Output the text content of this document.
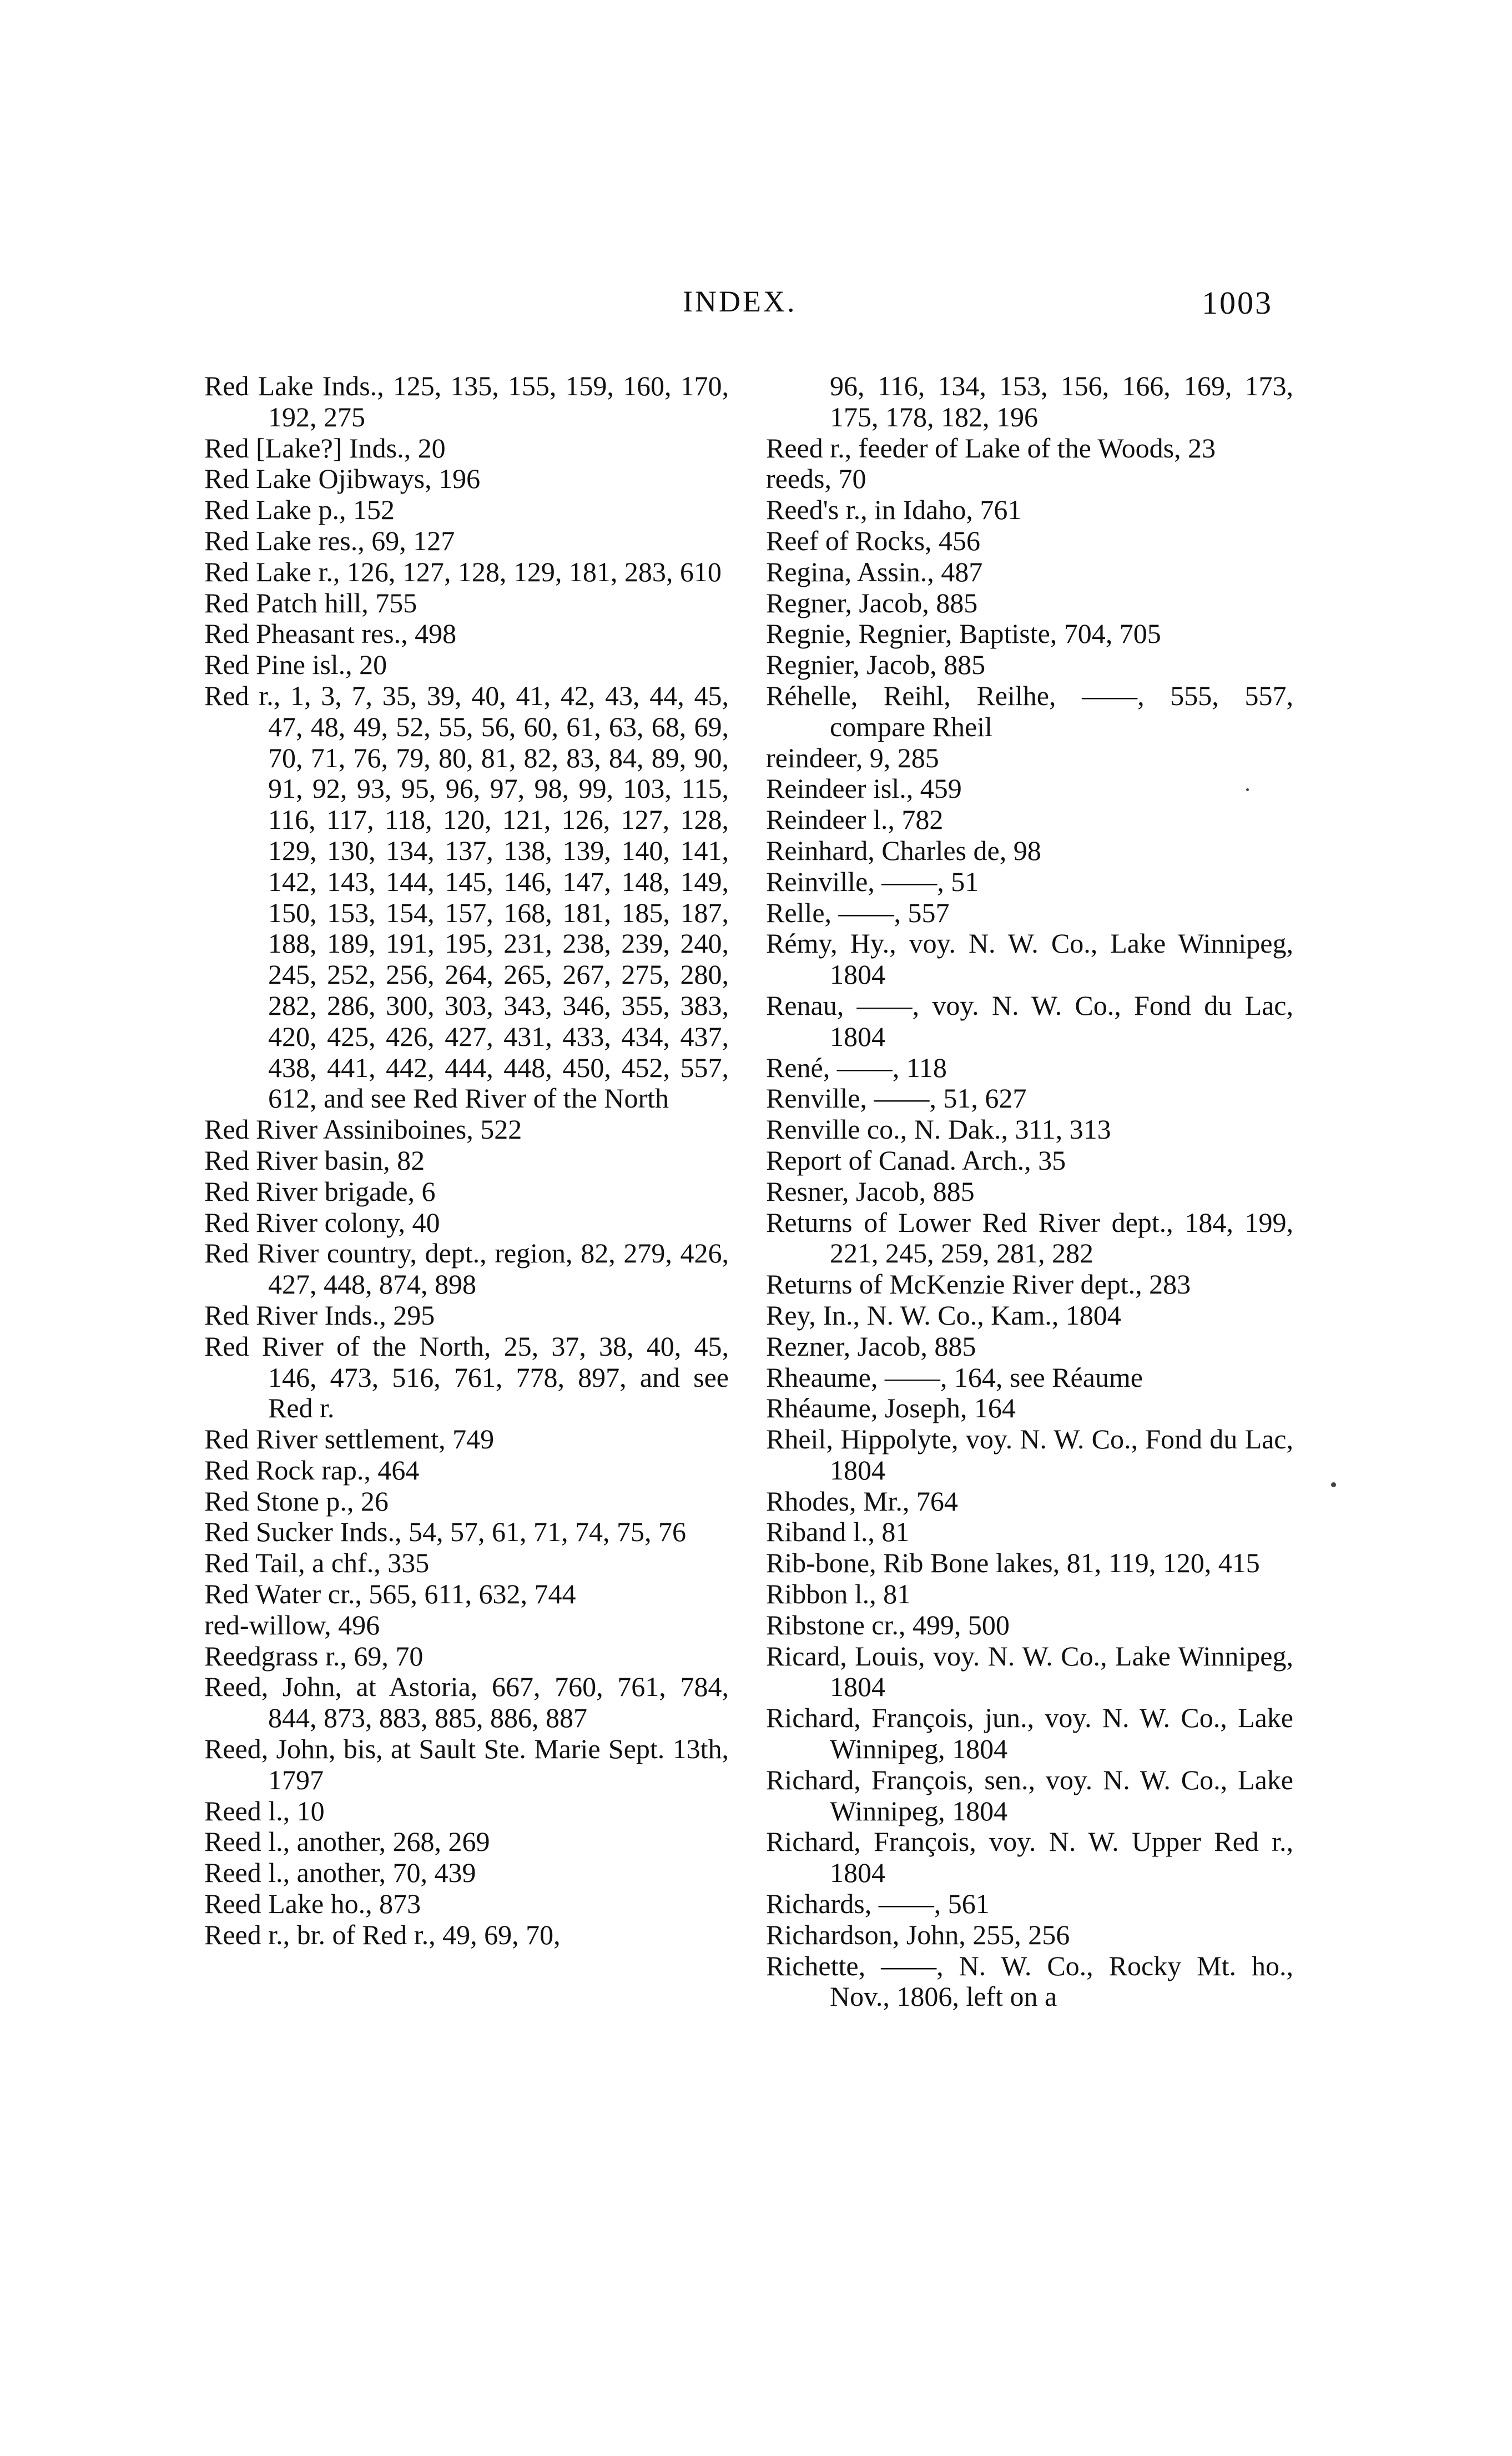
INDEX.	1003

Red Lake Inds., 125, 135, 155, 159, 160, 170, 192, 275

Red [Lake?] Inds., 20

Red Lake Ojibways, 196

Red Lake p., 152

Red Lake res., 69, 127

Red Lake r., 126, 127, 128, 129, 181, 283, 610

Red Patch hill, 755

Red Pheasant res., 498

Red Pine isl., 20

Red r., 1, 3, 7, 35, 39, 40, 41, 42, 43, 44, 45, 47, 48, 49, 52, 55, 56, 60, 61, 63, 68, 69, 70, 71, 76, 79, 80, 81, 82, 83, 84, 89, 90, 91, 92, 93, 95, 96, 97, 98, 99, 103, 115, 116, 117, 118, 120, 121, 126, 127, 128, 129, 130, 134, 137, 138, 139, 140, 141, 142, 143, 144, 145, 146, 147, 148, 149, 150, 153, 154, 157, 168, 181, 185, 187, 188, 189, 191, 195, 231, 238, 239, 240, 245, 252, 256, 264, 265, 267, 275, 280, 282, 286, 300, 303, 343, 346, 355, 383, 420, 425, 426, 427, 431, 433, 434, 437, 438, 441, 442, 444, 448, 450, 452, 557, 612, and see Red River of the North

Red River Assiniboines, 522

Red River basin, 82

Red River brigade, 6

Red River colony, 40

Red River country, dept., region, 82, 279, 426, 427, 448, 874, 898

Red River Inds., 295

Red River of the North, 25, 37, 38, 40, 45, 146, 473, 516, 761, 778, 897, and see Red r.

Red River settlement, 749

Red Rock rap., 464

Red Stone p., 26

Red Sucker Inds., 54, 57, 61, 71, 74, 75, 76

Red Tail, a chf., 335

Red Water cr., 565, 611, 632, 744

red-willow, 496

Reedgrass r., 69, 70

Reed, John, at Astoria, 667, 760, 761, 784, 844, 873, 883, 885, 886, 887

Reed, John, bis, at Sault Ste. Marie Sept. 13th, 1797

Reed l., 10

Reed l., another, 268, 269

Reed l., another, 70, 439

Reed Lake ho., 873

Reed r., br. of Red r., 49, 69, 70,

96, 116, 134, 153, 156, 166, 169, 173, 175, 178, 182, 196

Reed r., feeder of Lake of the Woods, 23

reeds, 70

Reed's r., in Idaho, 761

Reef of Rocks, 456

Regina, Assin., 487

Regner, Jacob, 885

Regnie, Regnier, Baptiste, 704, 705

Regnier, Jacob, 885

Réhelle, Reihl, Reilhe, ——, 555, 557, compare Rheil

reindeer, 9, 285

Reindeer isl., 459

Reindeer l., 782

Reinhard, Charles de, 98

Reinville, ——, 51

Relle, ——, 557

Rémy, Hy., voy. N. W. Co., Lake Winnipeg, 1804

Renau, ——, voy. N. W. Co., Fond du Lac, 1804

René, ——, 118

Renville, ——, 51, 627

Renville co., N. Dak., 311, 313

Report of Canad. Arch., 35

Resner, Jacob, 885

Returns of Lower Red River dept., 184, 199, 221, 245, 259, 281, 282

Returns of McKenzie River dept., 283

Rey, In., N. W. Co., Kam., 1804

Rezner, Jacob, 885

Rheaume, ——, 164, see Réaume

Rhéaume, Joseph, 164

Rheil, Hippolyte, voy. N. W. Co., Fond du Lac, 1804

Rhodes, Mr., 764

Riband l., 81

Rib-bone, Rib Bone lakes, 81, 119, 120, 415

Ribbon l., 81

Ribstone cr., 499, 500

Ricard, Louis, voy. N. W. Co., Lake Winnipeg, 1804

Richard, François, jun., voy. N. W. Co., Lake Winnipeg, 1804

Richard, François, sen., voy. N. W. Co., Lake Winnipeg, 1804

Richard, François, voy. N. W. Upper Red r., 1804

Richards, ——, 561

Richardson, John, 255, 256

Richette, ——, N. W. Co., Rocky Mt. ho., Nov., 1806, left on a
